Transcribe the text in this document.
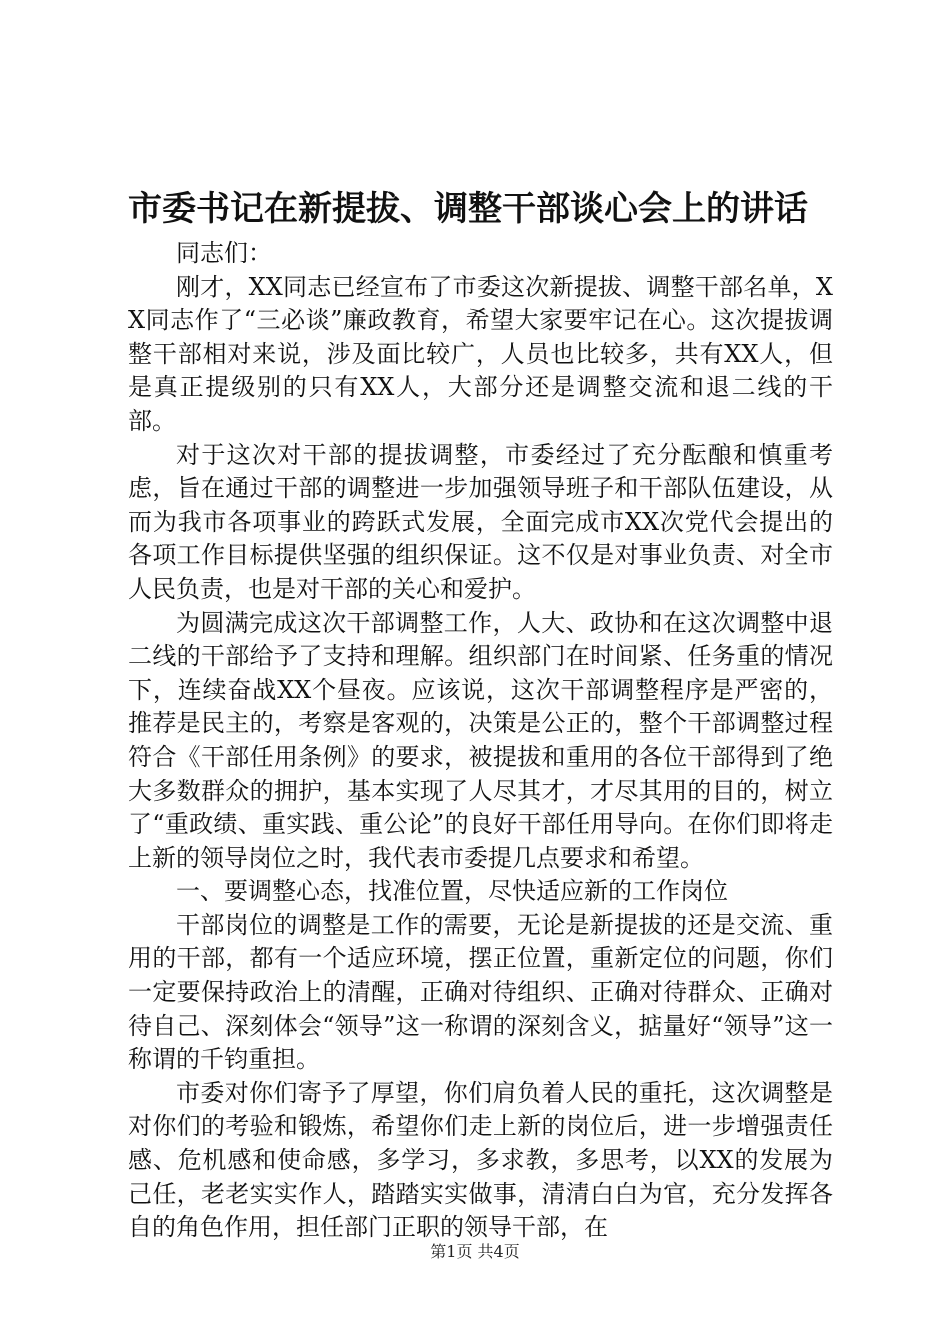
市委书记在新提拔、调整干部谈心会上的讲话

同志们：

刚才，XX同志已经宣布了市委这次新提拔、调整干部名单，XX同志作了“三必谈”廉政教育，希望大家要牢记在心。这次提拔调整干部相对来说，涉及面比较广，人员也比较多，共有XX人，但是真正提级别的只有XX人，大部分还是调整交流和退二线的干部。

对于这次对干部的提拔调整，市委经过了充分酝酿和慎重考虑，旨在通过干部的调整进一步加强领导班子和干部队伍建设，从而为我市各项事业的跨跃式发展，全面完成市XX次党代会提出的各项工作目标提供坚强的组织保证。这不仅是对事业负责、对全市人民负责，也是对干部的关心和爱护。

为圆满完成这次干部调整工作，人大、政协和在这次调整中退二线的干部给予了支持和理解。组织部门在时间紧、任务重的情况下，连续奋战XX个昼夜。应该说，这次干部调整程序是严密的，推荐是民主的，考察是客观的，决策是公正的，整个干部调整过程符合《干部任用条例》的要求，被提拔和重用的各位干部得到了绝大多数群众的拥护，基本实现了人尽其才，才尽其用的目的，树立了“重政绩、重实践、重公论”的良好干部任用导向。在你们即将走上新的领导岗位之时，我代表市委提几点要求和希望。

一、要调整心态，找准位置，尽快适应新的工作岗位

干部岗位的调整是工作的需要，无论是新提拔的还是交流、重用的干部，都有一个适应环境，摆正位置，重新定位的问题，你们一定要保持政治上的清醒，正确对待组织、正确对待群众、正确对待自己、深刻体会“领导”这一称谓的深刻含义，掂量好“领导”这一称谓的千钧重担。

市委对你们寄予了厚望，你们肩负着人民的重托，这次调整是对你们的考验和锻炼，希望你们走上新的岗位后，进一步增强责任感、危机感和使命感，多学习，多求教，多思考，以XX的发展为己任，老老实实作人，踏踏实实做事，清清白白为官，充分发挥各自的角色作用，担任部门正职的领导干部，在

第1页 共4页
